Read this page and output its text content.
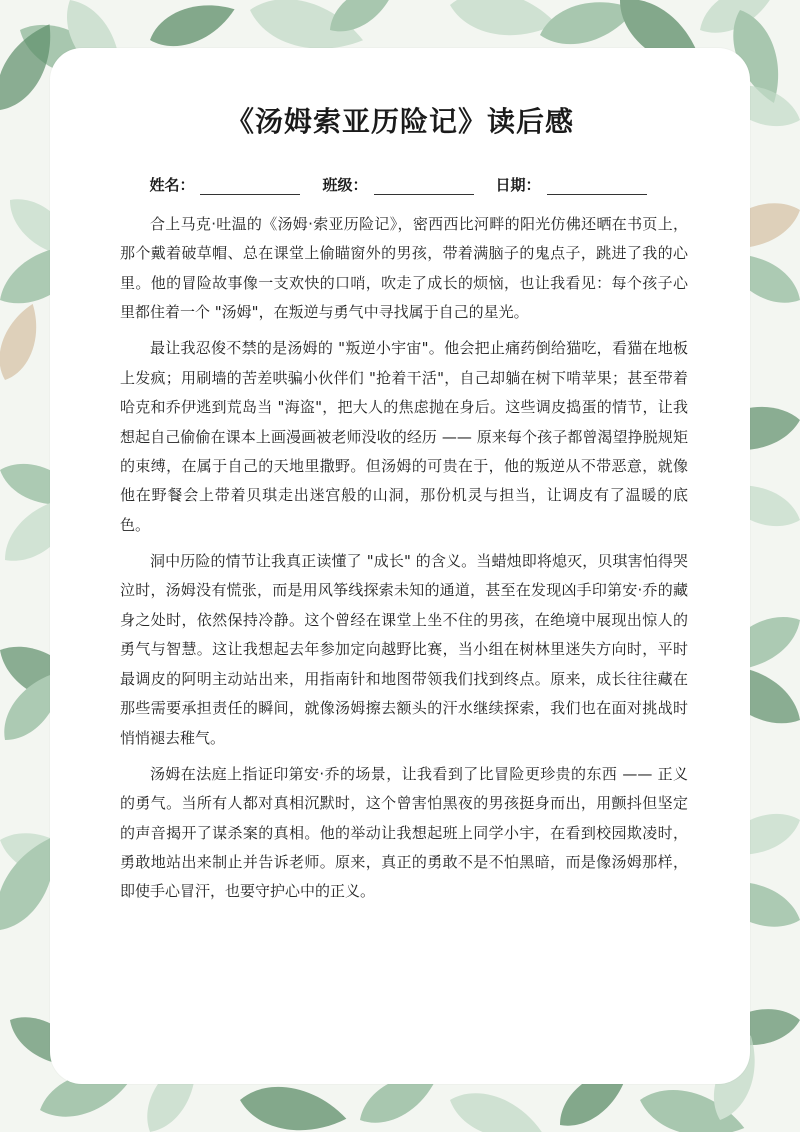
《汤姆索亚历险记》读后感
姓名：	班级：	日期：

合上马克·吐温的《汤姆·索亚历险记》，密西西比河畔的阳光仿佛还晒在书页上，那个戴着破草帽、总在课堂上偷瞄窗外的男孩，带着满脑子的鬼点子，跳进了我的心里。他的冒险故事像一支欢快的口哨，吹走了成长的烦恼，也让我看见：每个孩子心里都住着一个 "汤姆"，在叛逆与勇气中寻找属于自己的星光。

最让我忍俊不禁的是汤姆的 "叛逆小宇宙"。他会把止痛药倒给猫吃，看猫在地板上发疯；用刷墙的苦差哄骗小伙伴们 "抢着干活"，自己却躺在树下啃苹果；甚至带着哈克和乔伊逃到荒岛当 "海盗"，把大人的焦虑抛在身后。这些调皮捣蛋的情节，让我想起自己偷偷在课本上画漫画被老师没收的经历 —— 原来每个孩子都曾渴望挣脱规矩的束缚，在属于自己的天地里撒野。但汤姆的可贵在于，他的叛逆从不带恶意，就像他在野餐会上带着贝琪走出迷宫般的山洞，那份机灵与担当，让调皮有了温暖的底色。

洞中历险的情节让我真正读懂了 "成长" 的含义。当蜡烛即将熄灭，贝琪害怕得哭泣时，汤姆没有慌张，而是用风筝线探索未知的通道，甚至在发现凶手印第安·乔的藏身之处时，依然保持冷静。这个曾经在课堂上坐不住的男孩，在绝境中展现出惊人的勇气与智慧。这让我想起去年参加定向越野比赛，当小组在树林里迷失方向时，平时最调皮的阿明主动站出来，用指南针和地图带领我们找到终点。原来，成长往往藏在那些需要承担责任的瞬间，就像汤姆擦去额头的汗水继续探索，我们也在面对挑战时悄悄褪去稚气。

汤姆在法庭上指证印第安·乔的场景，让我看到了比冒险更珍贵的东西 —— 正义的勇气。当所有人都对真相沉默时，这个曾害怕黑夜的男孩挺身而出，用颤抖但坚定的声音揭开了谋杀案的真相。他的举动让我想起班上同学小宇，在看到校园欺凌时，勇敢地站出来制止并告诉老师。原来，真正的勇敢不是不怕黑暗，而是像汤姆那样，即使手心冒汗，也要守护心中的正义。
